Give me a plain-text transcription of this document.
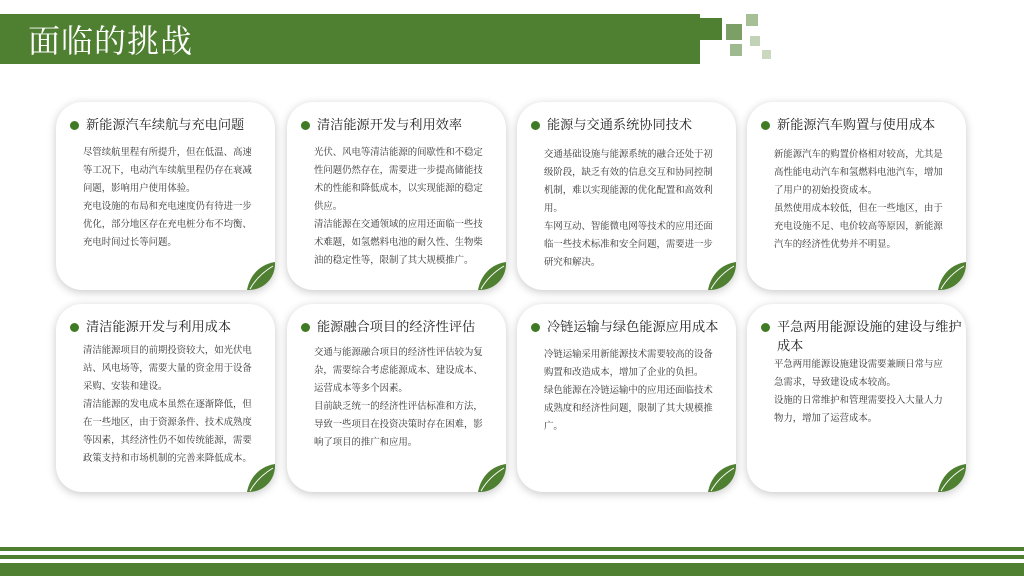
面临的挑战
新能源汽车续航与充电问题

尽管续航里程有所提升，但在低温、高速等工况下，电动汽车续航里程仍存在衰减问题，影响用户使用体验。

充电设施的布局和充电速度仍有待进一步优化，部分地区存在充电桩分布不均衡、充电时间过长等问题。

清洁能源开发与利用效率

光伏、风电等清洁能源的间歇性和不稳定性问题仍然存在，需要进一步提高储能技术的性能和降低成本，以实现能源的稳定供应。

清洁能源在交通领域的应用还面临一些技术难题，如氢燃料电池的耐久性、生物柴油的稳定性等，限制了其大规模推广。

能源与交通系统协同技术

交通基础设施与能源系统的融合还处于初级阶段，缺乏有效的信息交互和协同控制机制，难以实现能源的优化配置和高效利用。

车网互动、智能微电网等技术的应用还面临一些技术标准和安全问题，需要进一步研究和解决。

新能源汽车购置与使用成本

新能源汽车的购置价格相对较高，尤其是高性能电动汽车和氢燃料电池汽车，增加了用户的初始投资成本。

虽然使用成本较低，但在一些地区，由于充电设施不足、电价较高等原因，新能源汽车的经济性优势并不明显。

清洁能源开发与利用成本

清洁能源项目的前期投资较大，如光伏电站、风电场等，需要大量的资金用于设备采购、安装和建设。

清洁能源的发电成本虽然在逐渐降低，但在一些地区，由于资源条件、技术成熟度等因素，其经济性仍不如传统能源，需要政策支持和市场机制的完善来降低成本。

能源融合项目的经济性评估

交通与能源融合项目的经济性评估较为复杂，需要综合考虑能源成本、建设成本、运营成本等多个因素。

目前缺乏统一的经济性评估标准和方法，导致一些项目在投资决策时存在困难，影响了项目的推广和应用。

冷链运输与绿色能源应用成本

冷链运输采用新能源技术需要较高的设备购置和改造成本，增加了企业的负担。

绿色能源在冷链运输中的应用还面临技术成熟度和经济性问题，限制了其大规模推广。

平急两用能源设施的建设与维护成本

平急两用能源设施建设需要兼顾日常与应急需求，导致建设成本较高。

设施的日常维护和管理需要投入大量人力物力，增加了运营成本。
